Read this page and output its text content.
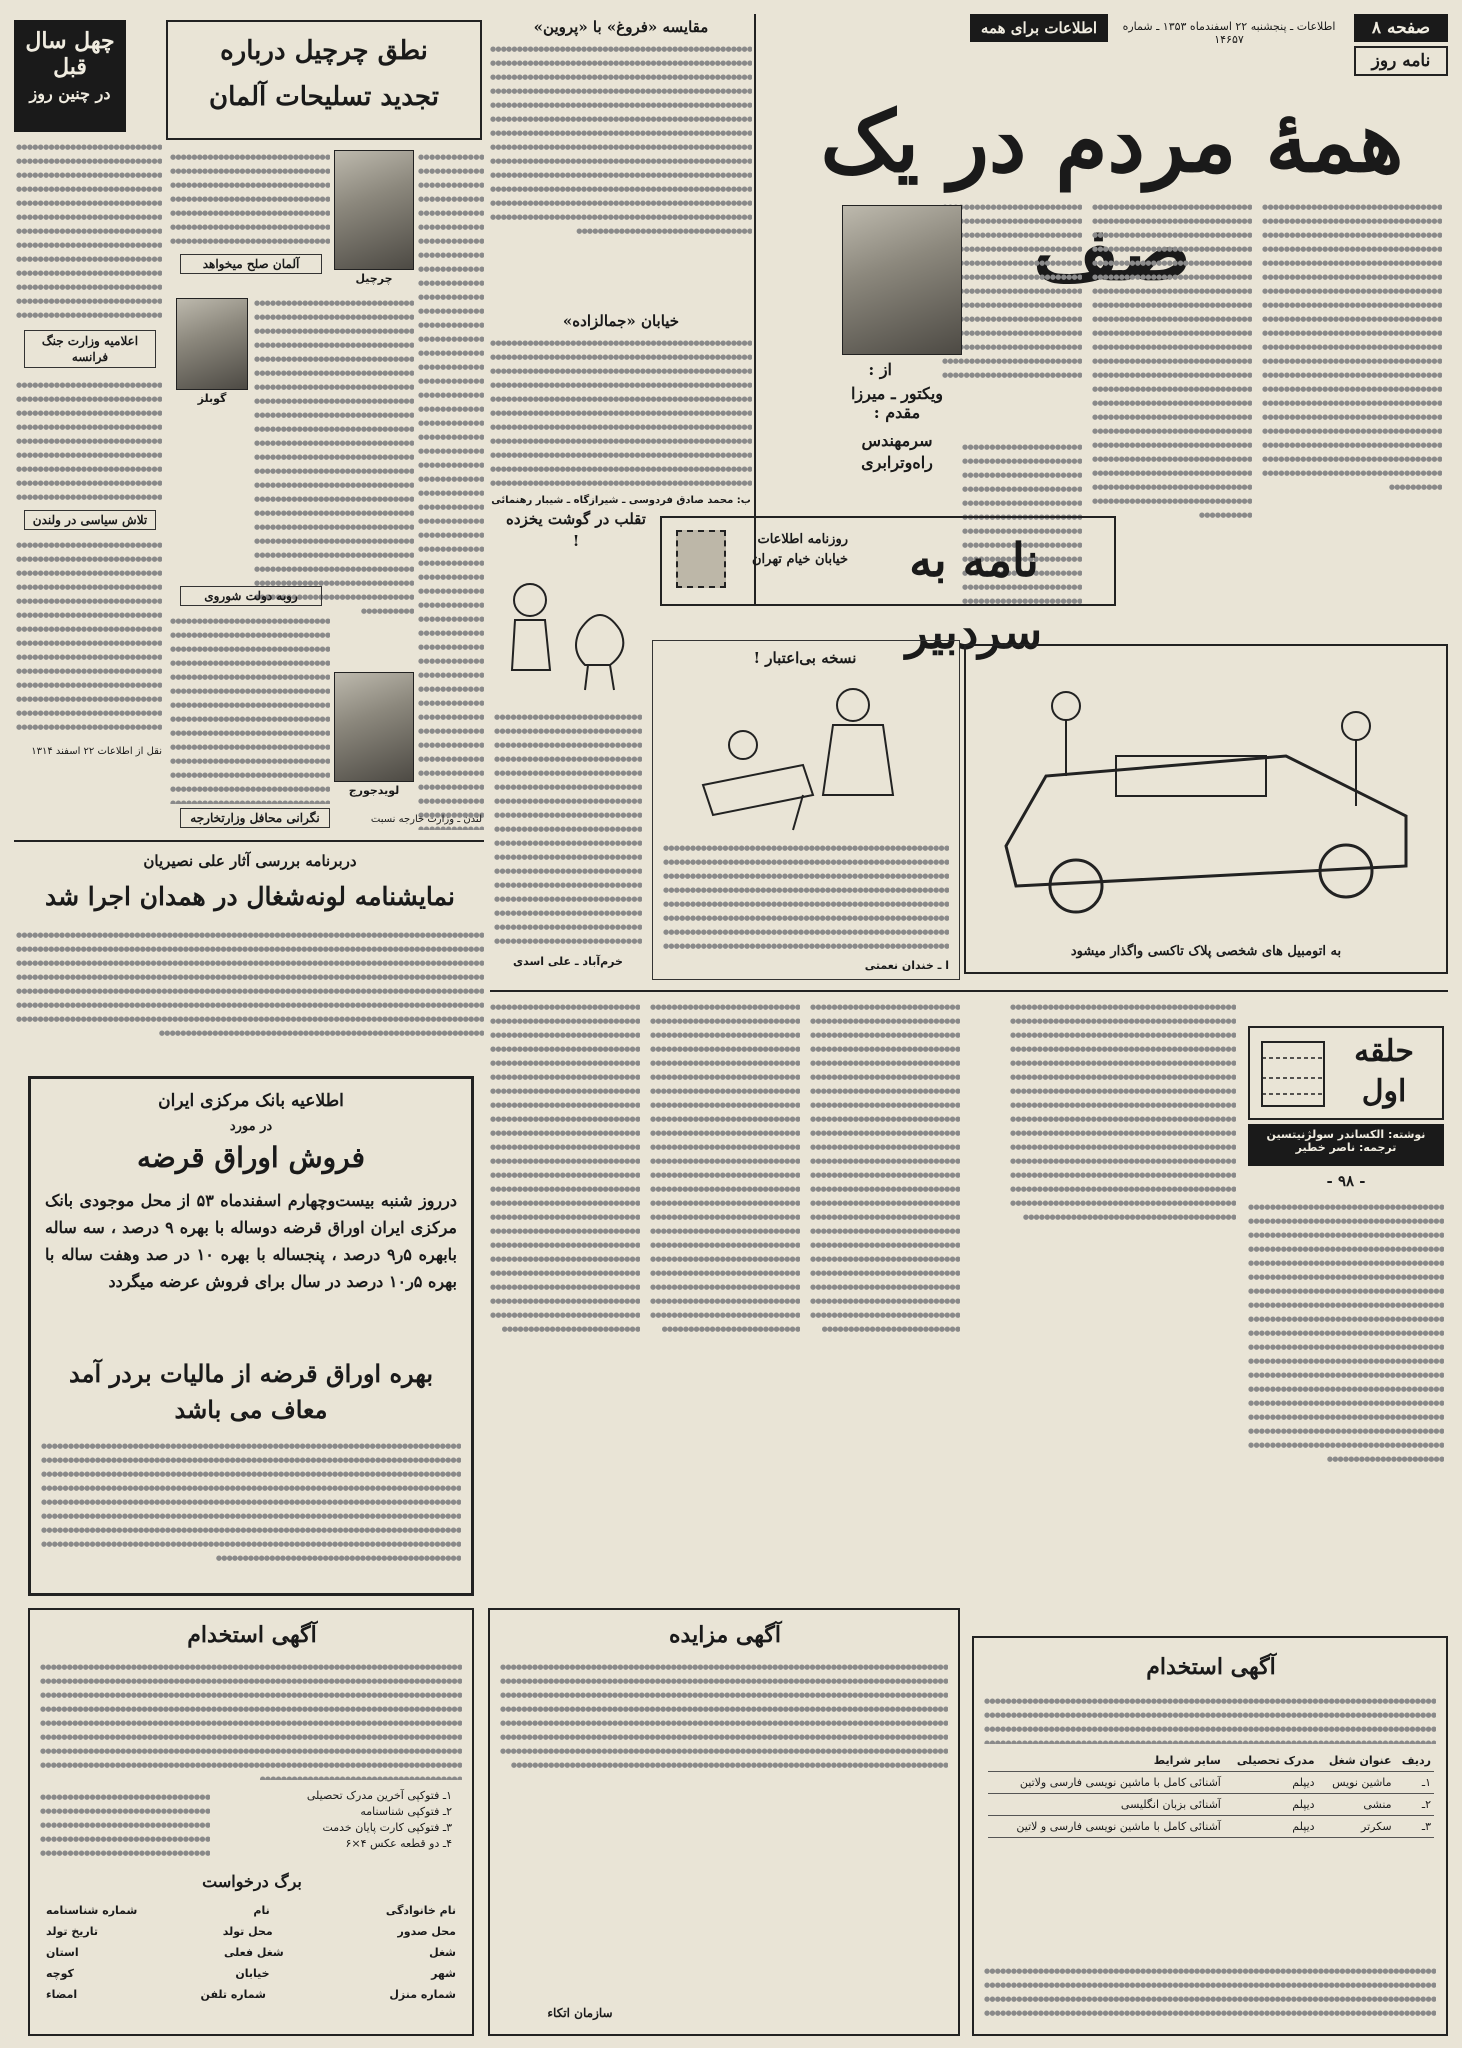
صفحه ۸
اطلاعات ـ پنجشنبه ۲۲ اسفندماه ۱۳۵۳ ـ شماره ۱۴۶۵۷
اطلاعات برای همه
نامه روز
همهٔ مردم در یک صف
● ● ● ● ● ● ● ● ● ● ● ● ● ● ● ● ● ● ● ● ● ● ● ● ● ● ● ● ● ● ● ● ● ● ● ● ● ● ● ● ● ● ● ● ● ● ● ● ● ● ● ● ● ● ● ● ● ● ● ● ● ● ● ● ● ● ● ● ● ● ● ● ● ● ● ● ● ● ● ● ● ● ● ● ● ● ● ● ● ● ● ● ● ● ● ● ● ● ● ● ● ● ● ● ● ● ● ● ● ● ● ● ● ● ● ● ● ● ● ● ● ● ● ● ● ● ● ● ● ● ● ● ● ● ● ● ● ● ● ● ● ● ● ● ● ● ● ● ● ● ● ● ● ● ● ● ● ● ● ● ● ● ● ● ● ● ● ● ● ● ● ● ● ● ● ● ● ● ● ● ● ● ● ● ● ● ● ● ● ● ● ● ● ● ● ● ● ● ● ● ● ● ● ● ● ● ● ● ● ● ● ● ● ● ● ● ● ● ● ● ● ● ● ● ● ● ● ● ● ● ● ● ● ● ● ● ● ● ● ● ● ● ● ● ● ● ● ● ● ● ● ● ● ● ● ● ● ● ● ● ● ● ● ● ● ● ● ● ● ● ● ● ● ● ● ● ● ● ● ● ● ● ● ● ● ● ● ● ● ● ● ● ● ● ● ● ● ● ● ● ● ● ● ● ● ● ● ● ● ● ● ● ● ● ● ● ● ● ● ● ● ● ● ● ● ● ● ● ● ● ● ● ● ● ● ● ● ● ● ● ● ● ● ● ● ● ● ● ● ● ● ● ● ● ● ● ● ● ● ● ● ● ● ● ● ● ● ● ● ● ● ● ● ● ● ● ● ● ● ● ● ● ● ● ● ● ● ● ● ● ● ● ● ● ● ● ● ● ● ● ● ● ● ● ● ● ● ● ● ● ● ● ● ● ● ● ● ● ● ● ● ● ● ● ● ● ● ● ● ● ● ● ● ● ● ● ● ● ● ● ● ● ● ● ● ● ● ● ● ● ● ● ● ● ● ● ● ● ● ● ● ● ● ● ● ● ● ● ● ● ● ● ● ● ● ● ● ● ● ● ● ● ● ● ● ● ● ● ● ● ● ● ● ● ● ● ● ● ● ● ● ● ● ● ● ● ● ● ● ● ● ● ● ● ● ● ● ● ● ● ● ● ● ● ● ● ● ● ● ● ● ● ● ● ● ● ● ● ● ● ● ● ● ● ● ● ● ● ● ● ● ● ● ● ● ● ● ● ● ● ● ● ● ● ● ● ● ● ● ● ● ● ● ● ● ● ● ● ● ● ● ● ● ● ● ● ● ● ● ● ● ● ● ● ● ● ● ● ● ● ● ● ● ● ● ● ● ● ● ● ● ● ● ● ● ● ● ● ● ● ● ● ● ● ● ● ● ● ● ● ● ● ● ● ● ● ● ● ● ● ● ● ● ● ● ● ● ● ● ● ● ● ● ● ● ● ● ● ● ● ● ● ● ● ● ● ● ● ● ●
● ● ● ● ● ● ● ● ● ● ● ● ● ● ● ● ● ● ● ● ● ● ● ● ● ● ● ● ● ● ● ● ● ● ● ● ● ● ● ● ● ● ● ● ● ● ● ● ● ● ● ● ● ● ● ● ● ● ● ● ● ● ● ● ● ● ● ● ● ● ● ● ● ● ● ● ● ● ● ● ● ● ● ● ● ● ● ● ● ● ● ● ● ● ● ● ● ● ● ● ● ● ● ● ● ● ● ● ● ● ● ● ● ● ● ● ● ● ● ● ● ● ● ● ● ● ● ● ● ● ● ● ● ● ● ● ● ● ● ● ● ● ● ● ● ● ● ● ● ● ● ● ● ● ● ● ● ● ● ● ● ● ● ● ● ● ● ● ● ● ● ● ● ● ● ● ● ● ● ● ● ● ● ● ● ● ● ● ● ● ● ● ● ● ● ● ● ● ● ● ● ● ● ● ● ● ● ● ● ● ● ● ● ● ● ● ● ● ● ● ● ● ● ● ● ● ● ● ● ● ● ● ● ● ● ● ● ● ● ● ● ● ● ● ● ● ● ● ● ● ● ● ● ● ● ● ● ● ● ● ● ● ● ● ● ● ● ● ● ● ● ● ● ● ● ● ● ● ● ● ● ● ● ● ● ● ● ● ● ● ● ● ● ● ● ● ● ● ● ● ● ● ● ● ● ● ● ● ● ● ● ● ● ● ● ● ● ● ● ● ● ● ● ● ● ● ● ● ● ● ● ● ● ● ● ● ● ● ● ● ● ● ● ● ● ● ● ● ● ● ● ● ● ● ● ● ● ● ● ● ● ● ● ● ● ● ● ● ● ● ● ● ● ● ● ● ● ● ● ● ● ● ● ● ● ● ● ● ● ● ● ● ● ● ● ● ● ● ● ● ● ● ● ● ● ● ● ● ● ● ● ● ● ● ● ● ● ● ● ● ● ● ● ● ● ● ● ● ● ● ● ● ● ● ● ● ● ● ● ● ● ● ● ● ● ● ● ● ● ● ● ● ● ● ● ● ● ● ● ● ● ● ● ● ● ● ● ● ● ● ● ● ● ● ● ● ● ● ● ● ● ● ● ● ● ● ● ● ● ● ● ● ● ● ● ● ● ● ● ● ● ● ● ● ● ● ● ● ● ● ● ● ● ● ● ● ● ● ● ● ● ● ● ● ● ● ● ● ● ● ● ● ● ● ● ● ● ● ● ● ● ● ● ● ● ● ● ● ● ● ● ● ● ● ● ● ● ● ● ● ● ● ● ● ● ● ● ● ● ● ● ● ● ● ● ● ● ● ● ● ● ● ● ● ● ● ● ● ● ● ● ● ● ● ● ● ● ● ● ● ● ● ● ● ● ● ● ● ● ● ● ● ● ● ● ● ● ● ● ● ● ● ● ● ● ● ● ● ● ● ● ● ● ● ● ● ● ● ● ● ● ● ● ● ● ● ● ● ● ● ● ● ● ● ● ● ● ● ● ● ● ● ● ● ● ● ● ● ● ●
● ● ● ● ● ● ● ● ● ● ● ● ● ● ● ● ● ● ● ● ● ● ● ● ● ● ● ● ● ● ● ● ● ● ● ● ● ● ● ● ● ● ● ● ● ● ● ● ● ● ● ● ● ● ● ● ● ● ● ● ● ● ● ● ● ● ● ● ● ● ● ● ● ● ● ● ● ● ● ● ● ● ● ● ● ● ● ● ● ● ● ● ● ● ● ● ● ● ● ● ● ● ● ● ● ● ● ● ● ● ● ● ● ● ● ● ● ● ● ● ● ● ● ● ● ● ● ● ● ● ● ● ● ● ● ● ● ● ● ● ● ● ● ● ● ● ● ● ● ● ● ● ● ● ● ● ● ● ● ● ● ● ● ● ● ● ● ● ● ● ● ● ● ● ● ● ● ● ● ● ● ● ● ● ● ● ● ● ● ● ● ● ● ● ● ● ● ● ● ● ● ● ● ● ● ● ● ● ● ● ● ● ● ● ● ● ● ● ● ● ● ● ● ● ● ● ● ● ● ● ● ● ● ● ● ● ● ● ● ● ● ● ● ● ● ● ● ● ● ● ● ● ● ● ● ● ● ● ● ● ● ● ● ● ● ● ● ● ● ● ● ● ● ● ● ● ● ● ● ● ● ● ● ● ● ● ● ● ● ● ● ● ● ● ● ● ● ● ● ● ● ● ● ● ● ● ● ● ● ● ● ● ● ● ● ● ● ● ● ● ● ● ● ● ● ● ● ● ● ● ● ● ● ● ● ● ● ● ● ● ● ● ● ● ● ● ● ● ● ● ● ● ● ● ● ● ● ● ● ● ● ● ● ● ● ● ● ● ● ● ● ● ● ● ● ● ● ● ● ● ● ● ● ● ● ● ● ● ● ● ● ● ● ● ● ● ● ● ● ● ● ● ● ● ● ● ● ● ● ● ● ● ● ● ● ● ● ● ● ● ● ● ● ● ● ● ● ● ● ● ● ● ● ● ● ● ● ● ● ● ● ● ● ● ● ● ● ● ● ● ● ● ● ● ● ● ● ● ● ● ● ● ● ● ● ● ● ● ● ● ● ● ● ● ● ● ● ● ● ● ● ● ● ● ● ● ● ● ● ● ● ● ● ● ● ● ● ● ● ● ● ● ● ● ● ● ● ● ● ● ● ● ● ● ● ● ● ● ● ● ● ● ● ● ● ● ● ● ● ● ● ● ● ● ● ● ● ● ● ● ● ● ● ● ● ● ● ● ● ● ● ● ● ● ● ● ● ● ● ● ● ● ● ● ● ● ● ● ● ● ● ● ● ● ● ● ● ● ● ● ● ● ● ● ● ● ● ● ● ● ● ● ● ● ● ● ● ● ● ● ● ● ● ● ● ● ● ● ● ● ● ● ● ● ● ● ● ● ● ● ● ● ● ● ● ● ● ● ● ● ● ● ● ● ● ● ● ● ● ● ● ● ● ● ● ● ● ● ● ● ● ● ● ● ● ● ● ● ● ● ● ● ● ● ● ● ● ● ● ●
از :
ویکتور ـ میرزا مقدم :
سرمهندس راه‌وترابری
● ● ● ● ● ● ● ● ● ● ● ● ● ● ● ● ● ● ● ● ● ● ● ● ● ● ● ● ● ● ● ● ● ● ● ● ● ● ● ● ● ● ● ● ● ● ● ● ● ● ● ● ● ● ● ● ● ● ● ● ● ● ● ● ● ● ● ● ● ● ● ● ● ● ● ● ● ● ● ● ● ● ● ● ● ● ● ● ● ● ● ● ● ● ● ● ● ● ● ● ● ● ● ● ● ● ● ● ● ● ● ● ● ● ● ● ● ● ● ● ● ● ● ● ● ● ● ● ● ● ● ● ● ● ● ● ● ● ● ● ● ● ● ● ● ● ● ● ● ● ● ● ● ● ● ● ● ● ● ● ● ● ● ● ● ● ● ● ● ● ● ● ● ● ● ● ● ● ● ● ● ● ● ● ● ● ● ● ● ● ● ● ● ● ● ● ● ● ● ● ● ● ● ● ● ● ● ● ● ● ● ● ● ● ● ● ● ● ● ● ● ● ● ● ● ● ● ● ● ● ● ● ● ● ● ● ● ● ● ● ● ● ● ● ● ● ● ● ● ● ● ● ● ● ● ● ● ● ● ● ● ● ● ● ● ● ● ● ● ● ● ● ● ● ● ● ● ● ● ● ● ● ● ● ● ● ● ● ● ● ● ● ● ● ● ● ● ● ● ● ● ● ● ● ● ● ● ● ● ● ● ● ● ● ● ● ● ● ● ● ● ● ● ● ● ● ● ● ● ● ● ● ● ● ● ● ● ● ● ● ● ● ● ● ● ● ● ● ● ● ● ● ● ● ● ● ● ● ● ● ● ● ● ● ● ● ● ● ● ● ● ● ● ● ● ● ● ● ● ● ● ● ● ● ● ● ● ● ● ● ● ● ● ● ● ● ● ● ● ● ● ● ● ● ● ● ● ● ● ● ● ● ● ● ● ● ● ● ● ● ● ● ● ● ● ● ● ● ● ● ● ● ● ● ● ● ● ● ● ● ● ● ● ● ● ● ● ● ● ● ● ● ● ● ● ● ● ● ● ● ● ● ● ● ● ● ● ● ● ● ● ● ● ● ● ● ● ● ● ● ● ● ● ● ● ● ● ● ● ● ● ● ● ● ● ● ● ● ● ● ● ● ● ● ● ● ● ● ● ● ● ● ● ● ● ● ● ● ● ● ● ● ● ● ● ● ● ● ● ● ● ● ● ● ● ● ● ● ● ● ● ● ● ● ● ● ● ● ● ● ● ● ● ● ● ● ● ● ● ● ● ● ● ● ● ● ● ● ● ● ● ● ● ● ● ● ● ● ● ● ● ● ● ● ● ● ● ● ● ● ● ● ● ● ● ● ● ● ● ● ● ● ● ● ● ● ● ● ● ● ● ● ● ● ● ● ● ● ● ● ● ● ● ● ● ● ● ● ● ● ● ● ● ● ● ● ● ● ● ● ● ● ● ● ● ● ● ● ● ● ● ● ● ● ● ● ● ● ● ● ● ● ● ● ● ● ● ● ● ●
مقایسه «فروغ» با «پروین»
● ● ● ● ● ● ● ● ● ● ● ● ● ● ● ● ● ● ● ● ● ● ● ● ● ● ● ● ● ● ● ● ● ● ● ● ● ● ● ● ● ● ● ● ● ● ● ● ● ● ● ● ● ● ● ● ● ● ● ● ● ● ● ● ● ● ● ● ● ● ● ● ● ● ● ● ● ● ● ● ● ● ● ● ● ● ● ● ● ● ● ● ● ● ● ● ● ● ● ● ● ● ● ● ● ● ● ● ● ● ● ● ● ● ● ● ● ● ● ● ● ● ● ● ● ● ● ● ● ● ● ● ● ● ● ● ● ● ● ● ● ● ● ● ● ● ● ● ● ● ● ● ● ● ● ● ● ● ● ● ● ● ● ● ● ● ● ● ● ● ● ● ● ● ● ● ● ● ● ● ● ● ● ● ● ● ● ● ● ● ● ● ● ● ● ● ● ● ● ● ● ● ● ● ● ● ● ● ● ● ● ● ● ● ● ● ● ● ● ● ● ● ● ● ● ● ● ● ● ● ● ● ● ● ● ● ● ● ● ● ● ● ● ● ● ● ● ● ● ● ● ● ● ● ● ● ● ● ● ● ● ● ● ● ● ● ● ● ● ● ● ● ● ● ● ● ● ● ● ● ● ● ● ● ● ● ● ● ● ● ● ● ● ● ● ● ● ● ● ● ● ● ● ● ● ● ● ● ● ● ● ● ● ● ● ● ● ● ● ● ● ● ● ● ● ● ● ● ● ● ● ● ● ● ● ● ● ● ● ● ● ● ● ● ● ● ● ● ● ● ● ● ● ● ● ● ● ● ● ● ● ● ● ● ● ● ● ● ● ● ● ● ● ● ● ● ● ● ● ● ● ● ● ● ● ● ● ● ● ● ● ● ● ● ● ● ● ● ● ● ● ● ● ● ● ● ● ● ● ● ● ● ● ● ● ● ● ● ● ● ● ● ● ● ● ● ● ● ● ● ● ● ● ● ● ● ● ● ● ● ● ● ● ● ● ● ● ● ● ● ● ● ● ● ● ● ● ● ● ● ● ● ● ● ● ● ● ● ● ● ● ● ● ● ● ● ● ● ● ● ● ● ● ● ● ● ● ● ● ● ● ● ● ● ● ● ● ● ● ● ● ● ● ● ● ● ● ● ● ● ● ● ● ● ● ● ● ● ● ● ● ● ● ● ● ● ● ● ● ● ● ● ● ● ● ● ● ● ● ● ● ● ● ● ● ● ● ● ● ● ● ● ● ● ● ● ● ● ● ● ● ● ● ● ● ● ● ● ● ● ● ● ● ● ● ● ● ● ● ● ● ● ● ● ● ● ● ● ● ● ● ● ● ● ● ● ● ● ● ● ● ● ● ● ● ● ● ● ● ● ● ● ● ● ● ● ● ● ● ● ● ● ● ● ● ● ● ● ● ● ● ● ● ● ● ● ● ● ● ● ● ● ● ● ● ● ● ● ● ● ● ● ● ● ● ● ● ● ● ● ● ● ● ● ● ● ● ● ● ●
خیابان «جمالزاده»
● ● ● ● ● ● ● ● ● ● ● ● ● ● ● ● ● ● ● ● ● ● ● ● ● ● ● ● ● ● ● ● ● ● ● ● ● ● ● ● ● ● ● ● ● ● ● ● ● ● ● ● ● ● ● ● ● ● ● ● ● ● ● ● ● ● ● ● ● ● ● ● ● ● ● ● ● ● ● ● ● ● ● ● ● ● ● ● ● ● ● ● ● ● ● ● ● ● ● ● ● ● ● ● ● ● ● ● ● ● ● ● ● ● ● ● ● ● ● ● ● ● ● ● ● ● ● ● ● ● ● ● ● ● ● ● ● ● ● ● ● ● ● ● ● ● ● ● ● ● ● ● ● ● ● ● ● ● ● ● ● ● ● ● ● ● ● ● ● ● ● ● ● ● ● ● ● ● ● ● ● ● ● ● ● ● ● ● ● ● ● ● ● ● ● ● ● ● ● ● ● ● ● ● ● ● ● ● ● ● ● ● ● ● ● ● ● ● ● ● ● ● ● ● ● ● ● ● ● ● ● ● ● ● ● ● ● ● ● ● ● ● ● ● ● ● ● ● ● ● ● ● ● ● ● ● ● ● ● ● ● ● ● ● ● ● ● ● ● ● ● ● ● ● ● ● ● ● ● ● ● ● ● ● ● ● ● ● ● ● ● ● ● ● ● ● ● ● ● ● ● ● ● ● ● ● ● ● ● ● ● ● ● ● ● ● ● ● ● ● ● ● ● ● ● ● ● ● ● ● ● ● ● ● ● ● ● ● ● ● ● ● ● ● ● ● ● ● ● ● ● ● ● ● ● ● ● ● ● ● ● ● ● ● ● ● ● ● ● ● ● ● ● ● ● ● ● ● ● ● ● ● ● ● ● ● ● ● ● ● ● ● ● ● ● ● ● ● ● ● ● ● ● ● ● ● ● ● ● ● ● ● ● ● ● ● ● ● ● ● ● ● ● ● ● ● ● ● ● ● ● ● ● ● ● ● ● ● ● ● ● ● ● ● ● ● ● ● ● ● ● ● ● ● ● ● ● ● ● ● ● ● ● ● ● ● ● ● ● ● ● ● ● ● ● ● ● ● ● ● ● ● ● ● ● ● ● ● ● ● ● ● ● ● ● ● ● ● ● ● ● ● ● ● ● ● ● ● ● ● ● ● ● ● ● ● ● ● ● ● ● ● ● ● ● ● ● ● ● ● ● ● ● ● ● ● ● ● ● ● ● ● ● ● ● ● ● ● ● ● ● ● ● ● ● ● ● ● ● ● ● ● ● ● ● ● ● ● ● ● ● ● ● ● ● ● ● ● ● ● ● ● ● ● ● ● ● ● ● ● ● ● ● ● ● ● ● ● ● ● ● ● ● ● ● ● ● ● ● ● ● ● ● ● ● ● ● ● ● ● ● ● ● ● ● ● ● ● ● ● ● ● ● ● ● ● ● ● ● ● ● ● ● ● ● ● ● ● ● ● ● ● ● ● ● ● ● ● ● ● ● ● ● ● ● ● ● ● ● ●
ب: محمد صادق فردوسی ـ شیرازگاه ـ شیبار رهنمائی
نامه به سردبیر
روزنامه اطلاعات خیابان خیام تهران
تقلب در گوشت یخزده !
● ● ● ● ● ● ● ● ● ● ● ● ● ● ● ● ● ● ● ● ● ● ● ● ● ● ● ● ● ● ● ● ● ● ● ● ● ● ● ● ● ● ● ● ● ● ● ● ● ● ● ● ● ● ● ● ● ● ● ● ● ● ● ● ● ● ● ● ● ● ● ● ● ● ● ● ● ● ● ● ● ● ● ● ● ● ● ● ● ● ● ● ● ● ● ● ● ● ● ● ● ● ● ● ● ● ● ● ● ● ● ● ● ● ● ● ● ● ● ● ● ● ● ● ● ● ● ● ● ● ● ● ● ● ● ● ● ● ● ● ● ● ● ● ● ● ● ● ● ● ● ● ● ● ● ● ● ● ● ● ● ● ● ● ● ● ● ● ● ● ● ● ● ● ● ● ● ● ● ● ● ● ● ● ● ● ● ● ● ● ● ● ● ● ● ● ● ● ● ● ● ● ● ● ● ● ● ● ● ● ● ● ● ● ● ● ● ● ● ● ● ● ● ● ● ● ● ● ● ● ● ● ● ● ● ● ● ● ● ● ● ● ● ● ● ● ● ● ● ● ● ● ● ● ● ● ● ● ● ● ● ● ● ● ● ● ● ● ● ● ● ● ● ● ● ● ● ● ● ● ● ● ● ● ● ● ● ● ● ● ● ● ● ● ● ● ● ● ● ● ● ● ● ● ● ● ● ● ● ● ● ● ● ● ● ● ● ● ● ● ● ● ● ● ● ● ● ● ● ● ● ● ● ● ● ● ● ● ● ● ● ● ● ● ● ● ● ● ● ● ● ● ● ● ● ● ● ● ● ● ● ● ● ● ● ● ● ● ● ● ● ● ● ● ● ● ● ● ● ● ● ● ● ● ● ● ● ● ● ● ● ● ● ● ● ● ● ● ● ● ● ● ● ● ● ● ● ● ● ● ● ● ● ● ● ● ● ● ● ● ● ● ● ● ● ● ● ● ● ● ● ● ● ● ● ● ● ● ● ● ● ● ● ● ● ● ● ● ● ● ● ● ● ● ● ● ● ● ● ● ● ● ● ● ● ● ● ● ● ● ● ● ● ● ● ● ● ● ● ● ● ● ● ● ● ● ● ● ● ● ● ● ● ● ● ● ● ● ● ● ● ● ● ● ● ● ● ● ● ● ● ● ● ● ● ● ● ● ● ● ● ● ● ● ● ● ● ● ● ● ● ● ● ● ● ● ● ● ● ● ● ● ● ● ● ● ● ● ● ● ● ● ● ● ● ● ● ● ● ● ● ● ● ● ● ● ● ● ● ● ● ● ● ● ● ● ● ● ● ● ● ● ● ● ● ● ● ● ● ● ● ● ● ● ● ● ● ● ● ● ● ● ● ● ● ● ● ● ● ● ● ● ● ● ● ● ● ● ● ● ● ● ● ● ● ● ● ● ● ● ● ● ● ● ● ● ● ● ● ● ● ● ● ● ● ● ● ● ● ● ● ● ● ● ● ● ● ● ● ● ● ● ● ● ● ● ● ● ● ●
خرم‌آباد ـ علی اسدی
نسخه بی‌اعتبار !
● ● ● ● ● ● ● ● ● ● ● ● ● ● ● ● ● ● ● ● ● ● ● ● ● ● ● ● ● ● ● ● ● ● ● ● ● ● ● ● ● ● ● ● ● ● ● ● ● ● ● ● ● ● ● ● ● ● ● ● ● ● ● ● ● ● ● ● ● ● ● ● ● ● ● ● ● ● ● ● ● ● ● ● ● ● ● ● ● ● ● ● ● ● ● ● ● ● ● ● ● ● ● ● ● ● ● ● ● ● ● ● ● ● ● ● ● ● ● ● ● ● ● ● ● ● ● ● ● ● ● ● ● ● ● ● ● ● ● ● ● ● ● ● ● ● ● ● ● ● ● ● ● ● ● ● ● ● ● ● ● ● ● ● ● ● ● ● ● ● ● ● ● ● ● ● ● ● ● ● ● ● ● ● ● ● ● ● ● ● ● ● ● ● ● ● ● ● ● ● ● ● ● ● ● ● ● ● ● ● ● ● ● ● ● ● ● ● ● ● ● ● ● ● ● ● ● ● ● ● ● ● ● ● ● ● ● ● ● ● ● ● ● ● ● ● ● ● ● ● ● ● ● ● ● ● ● ● ● ● ● ● ● ● ● ● ● ● ● ● ● ● ● ● ● ● ● ● ● ● ● ● ● ● ● ● ● ● ● ● ● ● ● ● ● ● ● ● ● ● ● ● ● ● ● ● ● ● ● ● ● ● ● ● ● ● ● ● ● ● ● ● ● ● ● ● ● ● ● ● ● ● ● ● ● ● ● ● ● ● ● ● ● ● ● ● ● ● ● ● ● ● ● ● ● ● ● ● ● ● ● ● ● ● ● ● ● ● ● ● ● ● ● ● ● ● ● ● ● ● ● ● ● ● ● ● ● ● ● ● ● ● ● ● ● ● ● ● ● ● ● ● ● ● ● ● ● ● ● ● ● ● ● ● ● ● ● ● ● ● ● ● ● ● ● ● ● ● ● ● ● ● ● ● ● ● ● ● ● ● ● ● ● ● ● ● ● ● ● ● ● ● ● ● ● ● ● ● ● ● ● ● ● ● ● ● ● ● ● ● ● ● ● ● ● ● ● ● ● ● ● ● ● ● ● ● ● ● ● ● ● ● ● ● ● ● ● ● ● ● ● ● ● ● ● ● ● ● ● ● ● ● ● ● ● ● ● ● ● ● ● ● ● ● ● ● ● ● ● ● ● ● ● ● ● ● ● ● ● ● ● ● ● ● ● ● ● ● ● ● ● ● ● ● ● ● ● ● ● ● ● ● ● ● ● ● ● ● ● ● ● ● ● ● ● ● ● ● ● ● ● ● ● ● ● ● ● ● ● ● ● ● ● ● ● ● ● ● ● ● ● ● ● ● ● ● ● ● ● ● ● ● ● ● ● ● ● ● ● ● ● ● ● ● ● ● ● ● ● ● ● ● ● ● ● ● ● ● ● ● ● ● ● ● ● ● ● ● ● ● ● ● ● ● ● ● ● ● ● ● ● ● ● ● ● ● ● ● ● ●
ا ـ خندان نعمتی
به اتومبیل های شخصی پلاک تاکسی واگذار میشود
نطق چرچیل درباره
تجدید تسلیحات آلمان
چرچیل
● ● ● ● ● ● ● ● ● ● ● ● ● ● ● ● ● ● ● ● ● ● ● ● ● ● ● ● ● ● ● ● ● ● ● ● ● ● ● ● ● ● ● ● ● ● ● ● ● ● ● ● ● ● ● ● ● ● ● ● ● ● ● ● ● ● ● ● ● ● ● ● ● ● ● ● ● ● ● ● ● ● ● ● ● ● ● ● ● ● ● ● ● ● ● ● ● ● ● ● ● ● ● ● ● ● ● ● ● ● ● ● ● ● ● ● ● ● ● ● ● ● ● ● ● ● ● ● ● ● ● ● ● ● ● ● ● ● ● ● ● ● ● ● ● ● ● ● ● ● ● ● ● ● ● ● ● ● ● ● ● ● ● ● ● ● ● ● ● ● ● ● ● ● ● ● ● ● ● ● ● ● ● ● ● ● ● ● ● ● ● ● ● ● ● ● ● ● ● ● ● ● ● ● ● ● ● ● ● ● ● ● ● ● ● ● ● ● ● ● ● ● ● ● ● ● ● ● ● ● ● ● ● ● ● ● ● ● ● ● ● ● ● ● ● ● ● ● ● ● ● ● ● ● ● ● ● ● ● ● ● ● ● ● ● ● ● ● ● ● ● ● ● ● ● ● ● ● ● ● ● ● ● ● ● ● ● ● ● ● ● ● ● ● ● ● ● ● ● ● ● ● ● ● ● ● ● ● ● ● ● ● ● ● ● ● ● ● ● ● ● ● ● ● ● ● ● ● ● ● ● ● ● ● ● ● ● ● ● ● ● ● ● ● ● ● ● ● ● ● ● ● ● ● ● ● ● ● ● ● ● ● ● ● ● ● ● ● ● ● ● ● ● ● ● ● ● ● ● ● ● ● ● ● ● ● ● ● ● ● ● ● ● ● ● ● ● ● ● ● ● ● ● ● ● ● ● ● ● ● ● ● ● ● ● ● ● ● ● ● ● ● ● ● ● ● ● ● ● ● ● ● ● ● ● ● ● ● ● ● ● ● ● ● ● ● ● ● ● ● ● ● ● ● ● ● ● ● ● ● ● ● ● ● ● ● ● ● ● ● ● ● ● ● ● ● ● ● ● ● ● ● ● ● ● ● ● ● ● ● ● ● ● ● ● ● ● ● ● ● ● ● ● ● ● ● ● ● ● ● ● ● ● ● ● ● ● ● ● ● ● ● ● ● ● ● ● ● ● ● ● ● ● ● ● ● ● ● ● ● ● ● ● ● ● ● ● ● ● ● ● ● ● ● ● ● ● ● ● ● ● ● ● ● ● ● ● ● ● ● ● ● ● ● ● ● ● ● ● ● ● ● ● ● ● ● ● ● ● ● ● ● ● ● ● ● ● ● ● ● ● ● ● ● ● ● ● ● ● ● ● ● ● ● ● ● ● ● ● ● ● ● ● ● ● ● ● ● ● ● ● ● ● ● ● ● ● ● ● ● ● ● ● ● ● ● ● ● ● ● ● ● ● ● ● ● ● ● ● ● ● ● ● ● ● ● ● ● ● ●
● ● ● ● ● ● ● ● ● ● ● ● ● ● ● ● ● ● ● ● ● ● ● ● ● ● ● ● ● ● ● ● ● ● ● ● ● ● ● ● ● ● ● ● ● ● ● ● ● ● ● ● ● ● ● ● ● ● ● ● ● ● ● ● ● ● ● ● ● ● ● ● ● ● ● ● ● ● ● ● ● ● ● ● ● ● ● ● ● ● ● ● ● ● ● ● ● ● ● ● ● ● ● ● ● ● ● ● ● ● ● ● ● ● ● ● ● ● ● ● ● ● ● ● ● ● ● ● ● ● ● ● ● ● ● ● ● ● ● ● ● ● ● ● ● ● ● ● ● ● ● ● ● ● ● ● ● ● ● ● ● ● ● ● ● ● ● ● ● ● ● ● ● ● ● ● ● ● ● ● ● ● ● ● ● ● ● ● ● ● ● ● ● ● ● ● ● ● ● ● ● ● ● ● ● ● ● ● ● ● ● ● ● ● ● ● ● ● ● ● ● ● ● ● ● ● ● ● ● ● ● ● ● ● ● ● ● ● ● ● ● ● ● ● ● ● ● ● ● ● ● ● ● ● ● ● ● ● ● ● ● ● ● ● ● ● ● ● ● ● ● ● ● ● ● ● ● ● ● ● ● ● ● ● ● ● ● ● ● ● ● ● ● ● ● ● ● ● ● ● ● ● ● ● ● ● ● ● ● ● ● ● ● ● ● ● ● ● ● ● ● ● ● ● ● ● ● ● ● ● ● ● ● ● ● ● ● ● ● ● ● ● ● ● ● ● ● ● ● ● ● ● ● ● ● ● ● ● ● ● ● ● ● ● ● ● ● ● ● ● ● ● ● ● ● ● ● ● ● ● ● ● ● ● ● ● ● ● ● ● ● ● ● ● ● ● ● ● ● ● ● ● ● ● ● ● ● ● ● ● ● ● ● ● ● ● ● ● ● ● ● ● ● ● ● ● ● ● ● ● ● ● ● ● ● ● ● ● ● ● ● ● ● ● ● ● ● ● ● ● ● ● ● ● ● ● ● ● ● ● ● ● ● ● ● ● ● ● ● ● ● ● ● ● ● ● ● ● ● ● ● ● ● ● ● ● ● ● ● ● ● ● ● ● ● ● ● ● ● ● ● ● ● ● ● ● ● ● ● ● ● ● ● ● ● ● ● ● ● ● ● ● ● ● ● ● ● ● ● ● ● ● ● ● ● ● ● ● ● ● ● ● ● ● ● ● ● ● ● ● ● ● ● ● ● ● ● ● ● ● ● ● ● ● ● ● ● ● ● ● ● ● ● ● ● ● ● ● ● ● ● ● ● ● ● ● ● ● ● ● ● ● ● ● ● ● ● ● ● ● ● ● ● ● ● ● ● ● ● ● ● ● ● ● ● ● ● ● ● ● ● ● ● ● ● ● ● ● ● ● ● ● ● ● ● ● ● ● ● ● ● ● ● ● ● ● ● ● ● ● ● ● ● ● ● ● ● ● ● ● ● ● ● ● ● ● ● ● ● ●
● ● ● ● ● ● ● ● ● ● ● ● ● ● ● ● ● ● ● ● ● ● ● ● ● ● ● ● ● ● ● ● ● ● ● ● ● ● ● ● ● ● ● ● ● ● ● ● ● ● ● ● ● ● ● ● ● ● ● ● ● ● ● ● ● ● ● ● ● ● ● ● ● ● ● ● ● ● ● ● ● ● ● ● ● ● ● ● ● ● ● ● ● ● ● ● ● ● ● ● ● ● ● ● ● ● ● ● ● ● ● ● ● ● ● ● ● ● ● ● ● ● ● ● ● ● ● ● ● ● ● ● ● ● ● ● ● ● ● ● ● ● ● ● ● ● ● ● ● ● ● ● ● ● ● ● ● ● ● ● ● ● ● ● ● ● ● ● ● ● ● ● ● ● ● ● ● ● ● ● ● ● ● ● ● ● ● ● ● ● ● ● ● ● ● ● ● ● ● ● ● ● ● ● ● ● ● ● ● ● ● ● ● ● ● ● ● ● ● ● ● ● ● ● ● ● ● ● ● ● ● ● ● ● ● ● ● ● ● ● ● ● ● ● ● ● ● ● ● ● ● ● ● ● ● ● ● ● ● ● ● ● ● ● ● ● ● ● ● ● ● ● ● ● ● ● ● ● ● ● ● ● ● ● ● ● ● ● ● ● ● ● ● ● ● ● ● ● ● ● ● ● ● ● ● ● ● ● ● ● ● ● ● ● ● ● ● ● ● ● ● ● ● ● ● ● ● ● ● ● ● ● ● ● ● ● ● ● ● ● ● ● ● ● ● ● ● ● ● ● ● ● ● ● ● ● ● ● ● ● ● ● ● ● ● ● ● ● ● ● ● ● ● ● ● ● ● ● ● ● ● ● ● ● ● ● ● ● ● ● ● ● ● ● ● ● ● ● ● ● ● ● ● ● ● ● ● ● ● ● ● ● ● ● ● ● ● ● ● ● ● ● ● ● ● ● ● ● ● ● ● ● ● ● ● ● ● ● ● ● ● ● ● ● ● ● ● ● ● ● ● ● ● ● ● ● ● ● ● ● ● ● ● ● ● ● ● ● ● ● ● ● ● ● ● ● ● ● ● ● ● ● ● ● ● ● ● ● ● ● ● ● ● ● ● ● ● ● ● ● ● ● ● ● ● ● ● ● ● ● ● ● ● ● ● ● ● ● ● ● ● ● ● ● ● ● ● ● ● ● ● ● ● ● ● ● ● ● ● ● ● ● ● ● ● ● ● ● ● ● ● ● ● ● ● ● ● ● ● ● ● ● ● ● ● ● ● ● ● ● ● ● ● ● ● ● ● ● ● ● ● ● ● ● ● ● ● ● ● ● ● ● ● ● ● ● ● ● ● ● ● ● ● ● ● ● ● ● ● ● ● ● ● ● ● ● ● ● ● ● ● ● ● ● ● ● ● ● ● ● ● ● ● ● ● ● ● ● ● ● ● ● ● ● ● ● ● ● ● ● ● ● ● ● ● ● ● ● ● ● ● ● ● ● ● ● ● ● ● ●
آلمان صلح میخواهد
روبه دولت شوروی
● ● ● ● ● ● ● ● ● ● ● ● ● ● ● ● ● ● ● ● ● ● ● ● ● ● ● ● ● ● ● ● ● ● ● ● ● ● ● ● ● ● ● ● ● ● ● ● ● ● ● ● ● ● ● ● ● ● ● ● ● ● ● ● ● ● ● ● ● ● ● ● ● ● ● ● ● ● ● ● ● ● ● ● ● ● ● ● ● ● ● ● ● ● ● ● ● ● ● ● ● ● ● ● ● ● ● ● ● ● ● ● ● ● ● ● ● ● ● ● ● ● ● ● ● ● ● ● ● ● ● ● ● ● ● ● ● ● ● ● ● ● ● ● ● ● ● ● ● ● ● ● ● ● ● ● ● ● ● ● ● ● ● ● ● ● ● ● ● ● ● ● ● ● ● ● ● ● ● ● ● ● ● ● ● ● ● ● ● ● ● ● ● ● ● ● ● ● ● ● ● ● ● ● ● ● ● ● ● ● ● ● ● ● ● ● ● ● ● ● ● ● ● ● ● ● ● ● ● ● ● ● ● ● ● ● ● ● ● ● ● ● ● ● ● ● ● ● ● ● ● ● ● ● ● ● ● ● ● ● ● ● ● ● ● ● ● ● ● ● ● ● ● ● ● ● ● ● ● ● ● ● ● ● ● ● ● ● ● ● ● ● ● ● ● ● ● ● ● ● ● ● ● ● ● ● ● ● ● ● ● ● ● ● ● ● ● ● ● ● ● ● ● ● ● ● ● ● ● ● ● ● ● ● ● ● ● ● ● ● ● ● ● ● ● ● ● ● ● ● ● ● ● ● ● ● ● ● ● ● ● ● ● ● ● ● ● ● ● ● ● ● ● ● ● ● ● ● ● ● ● ● ● ● ● ● ● ● ● ● ● ● ● ● ● ● ● ● ● ● ● ● ● ● ● ● ● ● ● ● ● ● ● ● ● ● ● ● ● ● ● ● ● ● ● ● ● ● ● ● ● ● ● ● ● ● ● ● ● ● ● ● ● ● ● ● ● ● ● ● ● ● ● ● ● ● ● ● ● ● ● ● ● ● ● ● ● ● ● ● ● ● ● ● ● ● ● ● ● ● ● ● ● ● ● ● ● ● ● ● ● ● ● ● ● ● ● ● ● ● ● ● ● ● ● ● ● ● ● ● ● ● ● ● ● ● ● ● ● ● ● ● ● ● ● ● ● ● ● ● ● ● ● ● ● ● ● ● ● ● ● ● ● ● ● ● ● ● ● ● ● ● ● ● ● ● ● ● ● ● ● ● ● ● ● ● ● ● ● ● ● ● ● ● ● ● ● ● ● ● ● ● ● ● ● ● ● ● ● ● ● ● ● ● ● ● ● ● ● ● ● ● ● ● ● ● ● ● ● ● ● ● ● ● ● ● ● ● ● ● ● ● ● ● ● ● ● ● ● ● ● ● ● ● ● ● ● ● ● ● ● ● ● ● ● ● ● ● ● ● ● ● ● ● ● ● ● ● ● ● ● ● ● ● ● ● ● ● ● ●
لویدجورج
نگرانی محافل وزارتخارجه	لندن ـ وزارت خارجه نسبت
چهل سال
قبل
در چنین روز
● ● ● ● ● ● ● ● ● ● ● ● ● ● ● ● ● ● ● ● ● ● ● ● ● ● ● ● ● ● ● ● ● ● ● ● ● ● ● ● ● ● ● ● ● ● ● ● ● ● ● ● ● ● ● ● ● ● ● ● ● ● ● ● ● ● ● ● ● ● ● ● ● ● ● ● ● ● ● ● ● ● ● ● ● ● ● ● ● ● ● ● ● ● ● ● ● ● ● ● ● ● ● ● ● ● ● ● ● ● ● ● ● ● ● ● ● ● ● ● ● ● ● ● ● ● ● ● ● ● ● ● ● ● ● ● ● ● ● ● ● ● ● ● ● ● ● ● ● ● ● ● ● ● ● ● ● ● ● ● ● ● ● ● ● ● ● ● ● ● ● ● ● ● ● ● ● ● ● ● ● ● ● ● ● ● ● ● ● ● ● ● ● ● ● ● ● ● ● ● ● ● ● ● ● ● ● ● ● ● ● ● ● ● ● ● ● ● ● ● ● ● ● ● ● ● ● ● ● ● ● ● ● ● ● ● ● ● ● ● ● ● ● ● ● ● ● ● ● ● ● ● ● ● ● ● ● ● ● ● ● ● ● ● ● ● ● ● ● ● ● ● ● ● ● ● ● ● ● ● ● ● ● ● ● ● ● ● ● ● ● ● ● ● ● ● ● ● ● ● ● ● ● ● ● ● ● ● ● ● ● ● ● ● ● ● ● ● ● ● ● ● ● ● ● ● ● ● ● ● ● ● ● ● ● ● ● ● ● ● ● ● ● ● ● ● ● ● ● ● ● ● ● ● ● ● ● ● ● ● ● ● ● ● ● ● ● ● ● ● ● ● ● ● ● ● ● ● ● ● ● ● ● ● ● ● ● ● ● ● ● ● ● ● ● ● ● ● ● ● ● ● ● ● ● ● ● ● ● ● ● ● ● ● ● ● ● ● ● ● ● ● ● ● ● ● ● ● ● ● ● ● ● ● ● ● ● ● ● ● ● ● ● ● ● ● ● ● ● ● ● ● ● ● ● ● ● ● ● ● ● ● ● ● ● ● ● ● ● ● ● ● ● ● ● ● ● ● ● ● ● ● ● ● ● ● ● ● ● ● ● ● ● ● ● ● ● ● ● ● ● ● ● ● ● ● ● ● ● ● ● ● ● ● ● ● ● ● ● ● ● ● ● ● ● ● ● ● ● ● ● ● ● ● ● ● ● ● ● ● ● ● ● ● ● ● ● ● ● ● ● ● ● ● ● ● ● ● ● ● ● ● ● ● ● ● ● ● ● ● ● ● ● ● ● ● ● ● ● ● ● ● ● ● ● ● ● ● ● ● ● ● ● ● ● ● ● ● ● ● ● ● ● ● ● ● ● ● ● ● ● ● ● ● ● ● ● ● ● ● ● ● ● ● ● ● ● ● ● ● ● ● ● ● ● ● ● ● ● ● ● ● ● ● ● ● ● ● ● ● ● ● ● ● ● ● ● ● ● ● ● ● ● ● ● ● ● ● ● ●
اعلامیه وزارت جنگ فرانسه
● ● ● ● ● ● ● ● ● ● ● ● ● ● ● ● ● ● ● ● ● ● ● ● ● ● ● ● ● ● ● ● ● ● ● ● ● ● ● ● ● ● ● ● ● ● ● ● ● ● ● ● ● ● ● ● ● ● ● ● ● ● ● ● ● ● ● ● ● ● ● ● ● ● ● ● ● ● ● ● ● ● ● ● ● ● ● ● ● ● ● ● ● ● ● ● ● ● ● ● ● ● ● ● ● ● ● ● ● ● ● ● ● ● ● ● ● ● ● ● ● ● ● ● ● ● ● ● ● ● ● ● ● ● ● ● ● ● ● ● ● ● ● ● ● ● ● ● ● ● ● ● ● ● ● ● ● ● ● ● ● ● ● ● ● ● ● ● ● ● ● ● ● ● ● ● ● ● ● ● ● ● ● ● ● ● ● ● ● ● ● ● ● ● ● ● ● ● ● ● ● ● ● ● ● ● ● ● ● ● ● ● ● ● ● ● ● ● ● ● ● ● ● ● ● ● ● ● ● ● ● ● ● ● ● ● ● ● ● ● ● ● ● ● ● ● ● ● ● ● ● ● ● ● ● ● ● ● ● ● ● ● ● ● ● ● ● ● ● ● ● ● ● ● ● ● ● ● ● ● ● ● ● ● ● ● ● ● ● ● ● ● ● ● ● ● ● ● ● ● ● ● ● ● ● ● ● ● ● ● ● ● ● ● ● ● ● ● ● ● ● ● ● ● ● ● ● ● ● ● ● ● ● ● ● ● ● ● ● ● ● ● ● ● ● ● ● ● ● ● ● ● ● ● ● ● ● ● ● ● ● ● ● ● ● ● ● ● ● ● ● ● ● ● ● ● ● ● ● ● ● ● ● ● ● ● ● ● ● ● ● ● ● ● ● ● ● ● ● ● ● ● ● ● ● ● ● ● ● ● ● ● ● ● ● ● ● ● ● ● ● ● ● ● ● ● ● ● ● ● ● ● ● ● ● ● ● ● ● ● ● ● ● ● ● ● ● ● ● ● ● ● ● ● ● ● ● ● ● ● ● ● ● ● ● ● ● ● ● ● ● ● ● ● ● ● ● ● ● ● ● ● ● ● ● ● ● ● ● ● ● ● ● ● ● ● ● ● ● ● ● ● ● ● ● ● ● ● ● ● ● ● ● ● ● ● ● ● ● ● ● ● ● ● ● ● ● ● ● ● ● ● ● ● ● ● ● ● ● ● ● ● ● ● ● ● ● ● ● ● ● ● ● ● ● ● ● ● ● ● ● ● ● ● ● ● ● ● ● ● ● ● ● ● ● ● ● ● ● ● ● ● ● ● ● ● ● ● ● ● ● ● ● ● ● ● ● ● ● ● ● ● ● ● ● ● ● ● ● ● ● ● ● ● ● ● ● ● ● ● ● ● ● ● ● ● ● ● ● ● ● ● ● ● ● ● ● ● ● ● ● ● ● ● ● ● ● ● ● ● ● ● ● ● ● ● ● ● ● ● ● ● ● ● ● ● ● ● ● ●
گوبلز
تلاش سیاسی در ولندن
● ● ● ● ● ● ● ● ● ● ● ● ● ● ● ● ● ● ● ● ● ● ● ● ● ● ● ● ● ● ● ● ● ● ● ● ● ● ● ● ● ● ● ● ● ● ● ● ● ● ● ● ● ● ● ● ● ● ● ● ● ● ● ● ● ● ● ● ● ● ● ● ● ● ● ● ● ● ● ● ● ● ● ● ● ● ● ● ● ● ● ● ● ● ● ● ● ● ● ● ● ● ● ● ● ● ● ● ● ● ● ● ● ● ● ● ● ● ● ● ● ● ● ● ● ● ● ● ● ● ● ● ● ● ● ● ● ● ● ● ● ● ● ● ● ● ● ● ● ● ● ● ● ● ● ● ● ● ● ● ● ● ● ● ● ● ● ● ● ● ● ● ● ● ● ● ● ● ● ● ● ● ● ● ● ● ● ● ● ● ● ● ● ● ● ● ● ● ● ● ● ● ● ● ● ● ● ● ● ● ● ● ● ● ● ● ● ● ● ● ● ● ● ● ● ● ● ● ● ● ● ● ● ● ● ● ● ● ● ● ● ● ● ● ● ● ● ● ● ● ● ● ● ● ● ● ● ● ● ● ● ● ● ● ● ● ● ● ● ● ● ● ● ● ● ● ● ● ● ● ● ● ● ● ● ● ● ● ● ● ● ● ● ● ● ● ● ● ● ● ● ● ● ● ● ● ● ● ● ● ● ● ● ● ● ● ● ● ● ● ● ● ● ● ● ● ● ● ● ● ● ● ● ● ● ● ● ● ● ● ● ● ● ● ● ● ● ● ● ● ● ● ● ● ● ● ● ● ● ● ● ● ● ● ● ● ● ● ● ● ● ● ● ● ● ● ● ● ● ● ● ● ● ● ● ● ● ● ● ● ● ● ● ● ● ● ● ● ● ● ● ● ● ● ● ● ● ● ● ● ● ● ● ● ● ● ● ● ● ● ● ● ● ● ● ● ● ● ● ● ● ● ● ● ● ● ● ● ● ● ● ● ● ● ● ● ● ● ● ● ● ● ● ● ● ● ● ● ● ● ● ● ● ● ● ● ● ● ● ● ● ● ● ● ● ● ● ● ● ● ● ● ● ● ● ● ● ● ● ● ● ● ● ● ● ● ● ● ● ● ● ● ● ● ● ● ● ● ● ● ● ● ● ● ● ● ● ● ● ● ● ● ● ● ● ● ● ● ● ● ● ● ● ● ● ● ● ● ● ● ● ● ● ● ● ● ● ● ● ● ● ● ● ● ● ● ● ● ● ● ● ● ● ● ● ● ● ● ● ● ● ● ● ● ● ● ● ● ● ● ● ● ● ● ● ● ● ● ● ● ● ● ● ● ● ● ● ● ● ● ● ● ● ● ● ● ● ● ● ● ● ● ● ● ● ● ● ● ● ● ● ● ● ● ● ● ● ● ● ● ● ● ● ● ● ● ● ● ● ● ● ● ● ● ● ● ● ● ● ● ● ● ● ● ● ● ● ● ● ● ● ● ● ● ● ● ● ● ● ●
نقل از اطلاعات ۲۲ اسفند ۱۳۱۴
دربرنامه بررسی آثار علی نصیریان
نمایشنامه لونه‌شغال در همدان اجرا شد
● ● ● ● ● ● ● ● ● ● ● ● ● ● ● ● ● ● ● ● ● ● ● ● ● ● ● ● ● ● ● ● ● ● ● ● ● ● ● ● ● ● ● ● ● ● ● ● ● ● ● ● ● ● ● ● ● ● ● ● ● ● ● ● ● ● ● ● ● ● ● ● ● ● ● ● ● ● ● ● ● ● ● ● ● ● ● ● ● ● ● ● ● ● ● ● ● ● ● ● ● ● ● ● ● ● ● ● ● ● ● ● ● ● ● ● ● ● ● ● ● ● ● ● ● ● ● ● ● ● ● ● ● ● ● ● ● ● ● ● ● ● ● ● ● ● ● ● ● ● ● ● ● ● ● ● ● ● ● ● ● ● ● ● ● ● ● ● ● ● ● ● ● ● ● ● ● ● ● ● ● ● ● ● ● ● ● ● ● ● ● ● ● ● ● ● ● ● ● ● ● ● ● ● ● ● ● ● ● ● ● ● ● ● ● ● ● ● ● ● ● ● ● ● ● ● ● ● ● ● ● ● ● ● ● ● ● ● ● ● ● ● ● ● ● ● ● ● ● ● ● ● ● ● ● ● ● ● ● ● ● ● ● ● ● ● ● ● ● ● ● ● ● ● ● ● ● ● ● ● ● ● ● ● ● ● ● ● ● ● ● ● ● ● ● ● ● ● ● ● ● ● ● ● ● ● ● ● ● ● ● ● ● ● ● ● ● ● ● ● ● ● ● ● ● ● ● ● ● ● ● ● ● ● ● ● ● ● ● ● ● ● ● ● ● ● ● ● ● ● ● ● ● ● ● ● ● ● ● ● ● ● ● ● ● ● ● ● ● ● ● ● ● ● ● ● ● ● ● ● ● ● ● ● ● ● ● ● ● ● ● ● ● ● ● ● ● ● ● ● ● ● ● ● ● ● ● ● ● ● ● ● ● ● ● ● ● ● ● ● ● ● ● ● ● ● ● ● ● ● ● ● ● ● ● ● ● ● ● ● ● ● ● ● ● ● ● ● ● ● ● ● ● ● ● ● ● ● ● ● ● ● ● ● ● ● ● ● ● ● ● ● ● ● ● ● ● ● ● ● ● ● ● ● ● ● ● ● ● ● ● ● ● ● ● ● ● ● ● ● ● ● ● ● ● ● ● ● ● ● ● ● ● ● ● ● ● ● ● ● ● ● ● ● ● ● ● ● ● ● ● ● ● ● ● ● ● ● ● ● ● ● ● ● ● ● ● ● ● ● ● ● ● ● ● ● ● ● ● ● ● ● ● ● ● ● ● ● ● ● ● ● ● ● ● ● ● ● ● ● ● ● ● ● ● ● ● ● ● ● ● ● ● ● ● ● ● ● ● ● ● ● ● ● ● ● ● ● ● ● ● ● ● ● ● ● ● ● ● ● ● ● ● ● ● ● ● ● ● ● ● ● ● ● ● ● ● ● ● ● ● ● ● ● ● ● ● ● ● ● ● ● ● ● ● ● ● ● ● ● ● ● ● ● ● ● ● ● ● ●
اطلاعیه بانک مرکزی ایران
در مورد
فروش اوراق قرضه
درروز شنبه بیست‌وچهارم اسفندماه ۵۳ از محل موجودی بانک مرکزی ایران اوراق قرضه دوساله با بهره ۹ درصد ، سه ساله بابهره ۵ر۹ درصد ، پنجساله با بهره ۱۰ در صد وهفت ساله با بهره ۵ر۱۰ درصد در سال برای فروش عرضه میگردد
بهره اوراق قرضه از مالیات بردر آمد
معاف می باشد
● ● ● ● ● ● ● ● ● ● ● ● ● ● ● ● ● ● ● ● ● ● ● ● ● ● ● ● ● ● ● ● ● ● ● ● ● ● ● ● ● ● ● ● ● ● ● ● ● ● ● ● ● ● ● ● ● ● ● ● ● ● ● ● ● ● ● ● ● ● ● ● ● ● ● ● ● ● ● ● ● ● ● ● ● ● ● ● ● ● ● ● ● ● ● ● ● ● ● ● ● ● ● ● ● ● ● ● ● ● ● ● ● ● ● ● ● ● ● ● ● ● ● ● ● ● ● ● ● ● ● ● ● ● ● ● ● ● ● ● ● ● ● ● ● ● ● ● ● ● ● ● ● ● ● ● ● ● ● ● ● ● ● ● ● ● ● ● ● ● ● ● ● ● ● ● ● ● ● ● ● ● ● ● ● ● ● ● ● ● ● ● ● ● ● ● ● ● ● ● ● ● ● ● ● ● ● ● ● ● ● ● ● ● ● ● ● ● ● ● ● ● ● ● ● ● ● ● ● ● ● ● ● ● ● ● ● ● ● ● ● ● ● ● ● ● ● ● ● ● ● ● ● ● ● ● ● ● ● ● ● ● ● ● ● ● ● ● ● ● ● ● ● ● ● ● ● ● ● ● ● ● ● ● ● ● ● ● ● ● ● ● ● ● ● ● ● ● ● ● ● ● ● ● ● ● ● ● ● ● ● ● ● ● ● ● ● ● ● ● ● ● ● ● ● ● ● ● ● ● ● ● ● ● ● ● ● ● ● ● ● ● ● ● ● ● ● ● ● ● ● ● ● ● ● ● ● ● ● ● ● ● ● ● ● ● ● ● ● ● ● ● ● ● ● ● ● ● ● ● ● ● ● ● ● ● ● ● ● ● ● ● ● ● ● ● ● ● ● ● ● ● ● ● ● ● ● ● ● ● ● ● ● ● ● ● ● ● ● ● ● ● ● ● ● ● ● ● ● ● ● ● ● ● ● ● ● ● ● ● ● ● ● ● ● ● ● ● ● ● ● ● ● ● ● ● ● ● ● ● ● ● ● ● ● ● ● ● ● ● ● ● ● ● ● ● ● ● ● ● ● ● ● ● ● ● ● ● ● ● ● ● ● ● ● ● ● ● ● ● ● ● ● ● ● ● ● ● ● ● ● ● ● ● ● ● ● ● ● ● ● ● ● ● ● ● ● ● ● ● ● ● ● ● ● ● ● ● ● ● ● ● ● ● ● ● ● ● ● ● ● ● ● ● ● ● ● ● ● ● ● ● ● ● ● ● ● ● ● ● ● ● ● ● ● ● ● ● ● ● ● ● ● ● ● ● ● ● ● ● ● ● ● ● ● ● ● ● ● ● ● ● ● ● ● ● ● ● ● ● ● ● ● ● ● ● ● ● ● ● ● ● ● ● ● ● ● ● ● ● ● ● ● ● ● ● ● ● ● ● ● ● ● ● ● ● ● ● ● ● ● ● ● ● ● ● ● ● ● ● ● ● ● ● ● ● ● ● ● ●
آگهی استخدام
● ● ● ● ● ● ● ● ● ● ● ● ● ● ● ● ● ● ● ● ● ● ● ● ● ● ● ● ● ● ● ● ● ● ● ● ● ● ● ● ● ● ● ● ● ● ● ● ● ● ● ● ● ● ● ● ● ● ● ● ● ● ● ● ● ● ● ● ● ● ● ● ● ● ● ● ● ● ● ● ● ● ● ● ● ● ● ● ● ● ● ● ● ● ● ● ● ● ● ● ● ● ● ● ● ● ● ● ● ● ● ● ● ● ● ● ● ● ● ● ● ● ● ● ● ● ● ● ● ● ● ● ● ● ● ● ● ● ● ● ● ● ● ● ● ● ● ● ● ● ● ● ● ● ● ● ● ● ● ● ● ● ● ● ● ● ● ● ● ● ● ● ● ● ● ● ● ● ● ● ● ● ● ● ● ● ● ● ● ● ● ● ● ● ● ● ● ● ● ● ● ● ● ● ● ● ● ● ● ● ● ● ● ● ● ● ● ● ● ● ● ● ● ● ● ● ● ● ● ● ● ● ● ● ● ● ● ● ● ● ● ● ● ● ● ● ● ● ● ● ● ● ● ● ● ● ● ● ● ● ● ● ● ● ● ● ● ● ● ● ● ● ● ● ● ● ● ● ● ● ● ● ● ● ● ● ● ● ● ● ● ● ● ● ● ● ● ● ● ● ● ● ● ● ● ● ● ● ● ● ● ● ● ● ● ● ● ● ● ● ● ● ● ● ● ● ● ● ● ● ● ● ● ● ● ● ● ● ● ● ● ● ● ● ● ● ● ● ● ● ● ● ● ● ● ● ● ● ● ● ● ● ● ● ● ● ● ● ● ● ● ● ● ● ● ● ● ● ● ● ● ● ● ● ● ● ● ● ● ● ● ● ● ● ● ● ● ● ● ● ● ● ● ● ● ● ● ● ● ● ● ● ● ● ● ● ● ● ● ● ● ● ● ● ● ● ● ● ● ● ● ● ● ● ● ● ● ● ● ● ● ● ● ● ● ● ● ● ● ● ● ● ● ● ● ● ● ● ● ● ● ● ● ● ● ● ● ● ● ● ● ● ● ● ● ● ● ● ● ● ● ● ● ● ● ● ● ● ● ● ● ● ● ● ● ● ● ● ● ● ● ● ● ● ● ● ● ● ● ● ● ● ● ● ● ● ● ● ● ● ● ● ● ● ● ● ● ● ● ● ● ● ● ● ● ● ● ● ● ● ● ● ● ● ● ● ● ● ● ● ● ● ● ● ● ● ● ● ● ● ● ● ● ● ● ● ● ● ● ● ● ● ● ● ● ● ● ● ● ● ● ● ● ● ● ● ● ● ● ● ● ● ● ● ● ● ● ● ● ● ● ● ● ● ● ● ● ● ● ● ● ● ● ● ● ● ● ● ● ● ● ● ● ● ● ● ● ● ● ● ● ● ● ● ● ● ● ● ● ● ● ● ● ● ● ● ● ● ● ● ● ● ● ● ● ● ● ● ● ● ● ● ● ● ● ● ● ● ● ●
۱ـ فتوکپی آخرین مدرک تحصیلی
۲ـ فتوکپی شناسنامه
۳ـ فتوکپی کارت پایان خدمت
۴ـ دو قطعه عکس ۴×۶
● ● ● ● ● ● ● ● ● ● ● ● ● ● ● ● ● ● ● ● ● ● ● ● ● ● ● ● ● ● ● ● ● ● ● ● ● ● ● ● ● ● ● ● ● ● ● ● ● ● ● ● ● ● ● ● ● ● ● ● ● ● ● ● ● ● ● ● ● ● ● ● ● ● ● ● ● ● ● ● ● ● ● ● ● ● ● ● ● ● ● ● ● ● ● ● ● ● ● ● ● ● ● ● ● ● ● ● ● ● ● ● ● ● ● ● ● ● ● ● ● ● ● ● ● ● ● ● ● ● ● ● ● ● ● ● ● ● ● ● ● ● ● ● ● ● ● ● ● ● ● ● ● ● ● ● ● ● ● ● ● ● ● ● ● ● ● ● ● ● ● ● ● ● ● ● ● ● ● ● ● ● ● ● ● ● ● ● ● ● ● ● ● ● ● ● ● ● ● ● ● ● ● ● ● ● ● ● ● ● ● ● ● ● ● ● ● ● ● ● ● ● ● ● ● ● ● ● ● ● ● ● ● ● ● ● ● ● ● ● ● ● ● ● ● ● ● ● ● ● ● ● ● ● ● ● ● ● ● ● ● ● ● ● ● ● ● ● ● ● ● ● ● ● ● ● ● ● ● ● ● ● ● ● ● ● ● ● ● ● ● ● ● ● ● ● ● ● ● ● ● ● ● ● ● ● ● ● ● ● ● ● ● ● ● ● ● ● ● ● ● ● ● ● ● ● ● ● ● ● ● ● ● ● ● ● ● ● ● ● ● ● ● ● ● ● ● ● ● ● ● ● ● ● ● ● ● ● ● ● ● ● ● ● ● ● ● ● ● ● ● ● ● ● ● ● ● ● ● ● ● ● ● ● ● ● ● ● ● ● ● ● ● ● ● ● ● ● ● ● ● ● ● ● ● ● ● ● ● ● ● ● ● ● ● ● ● ● ● ● ● ● ● ● ● ● ● ● ● ● ● ● ● ● ● ● ● ● ● ● ● ● ● ● ● ● ● ● ● ● ● ● ● ● ● ● ● ● ● ● ● ● ● ● ● ● ● ● ● ● ● ● ● ● ● ● ● ● ● ● ● ● ● ● ● ● ● ● ● ● ● ● ● ● ● ● ● ● ● ● ● ● ● ● ● ● ● ● ● ● ● ● ● ● ● ● ● ● ● ● ● ● ● ● ● ● ● ● ● ● ● ● ● ● ● ● ● ● ● ● ● ● ● ● ● ● ● ● ● ● ● ● ● ● ● ● ● ● ● ● ● ● ● ● ● ● ● ● ● ● ● ● ● ● ● ● ● ● ● ● ● ● ● ● ● ● ● ● ● ● ● ● ● ● ● ● ● ● ● ● ● ● ● ● ● ● ● ● ● ● ● ● ● ● ● ● ● ● ● ● ● ● ● ● ● ● ● ● ● ● ● ● ● ● ● ● ● ● ● ● ● ● ● ● ● ● ● ● ● ● ● ● ● ● ● ● ● ● ● ● ● ● ● ● ● ● ● ● ● ●
برگ درخواست
نام خانوادگی
نام
شماره شناسنامه
محل صدور
محل تولد
تاریخ تولد
شغل
شغل فعلی
استان
شهر
خیابان
کوچه
شماره منزل
شماره تلفن
امضاء
● ● ● ● ● ● ● ● ● ● ● ● ● ● ● ● ● ● ● ● ● ● ● ● ● ● ● ● ● ● ● ● ● ● ● ● ● ● ● ● ● ● ● ● ● ● ● ● ● ● ● ● ● ● ● ● ● ● ● ● ● ● ● ● ● ● ● ● ● ● ● ● ● ● ● ● ● ● ● ● ● ● ● ● ● ● ● ● ● ● ● ● ● ● ● ● ● ● ● ● ● ● ● ● ● ● ● ● ● ● ● ● ● ● ● ● ● ● ● ● ● ● ● ● ● ● ● ● ● ● ● ● ● ● ● ● ● ● ● ● ● ● ● ● ● ● ● ● ● ● ● ● ● ● ● ● ● ● ● ● ● ● ● ● ● ● ● ● ● ● ● ● ● ● ● ● ● ● ● ● ● ● ● ● ● ● ● ● ● ● ● ● ● ● ● ● ● ● ● ● ● ● ● ● ● ● ● ● ● ● ● ● ● ● ● ● ● ● ● ● ● ● ● ● ● ● ● ● ● ● ● ● ● ● ● ● ● ● ● ● ● ● ● ● ● ● ● ● ● ● ● ● ● ● ● ● ● ● ● ● ● ● ● ● ● ● ● ● ● ● ● ● ● ● ● ● ● ● ● ● ● ● ● ● ● ● ● ● ● ● ● ● ● ● ● ● ● ● ● ● ● ● ● ● ● ● ● ● ● ● ● ● ● ● ● ● ● ● ● ● ● ● ● ● ● ● ● ● ● ● ● ● ● ● ● ● ● ● ● ● ● ● ● ● ● ● ● ● ● ● ● ● ● ● ● ● ● ● ● ● ● ● ● ● ● ● ● ● ● ● ● ● ● ● ● ● ● ● ● ● ● ● ● ● ● ● ● ● ● ● ● ● ● ● ● ● ● ● ● ● ● ● ● ● ● ● ● ● ● ● ● ● ● ● ● ● ● ● ● ● ● ● ● ● ● ● ● ● ● ● ● ● ● ● ● ● ● ● ● ● ● ● ● ● ● ● ● ● ● ● ● ● ● ● ● ● ● ● ● ● ● ● ● ● ● ● ● ● ● ● ● ● ● ● ● ● ● ● ● ● ● ● ● ● ● ● ● ● ● ● ● ● ● ● ● ● ● ● ● ● ● ● ● ● ● ● ● ● ● ● ● ● ● ● ● ● ● ● ● ● ● ● ● ● ● ● ● ● ● ● ● ● ● ● ● ● ● ● ● ● ● ● ● ● ● ● ● ● ● ● ● ● ● ● ● ● ● ● ● ● ● ● ● ● ● ● ● ● ● ● ● ● ● ● ● ● ● ● ● ● ● ● ● ● ● ● ● ● ● ● ● ● ● ● ● ● ● ● ● ● ● ● ● ● ● ● ● ● ● ● ● ● ● ● ● ● ● ● ● ● ● ● ● ● ● ● ● ● ● ● ● ● ● ● ● ● ● ● ● ● ● ● ● ● ● ● ● ● ● ● ● ● ● ● ● ● ● ● ● ● ● ● ● ● ● ● ● ● ● ●
● ● ● ● ● ● ● ● ● ● ● ● ● ● ● ● ● ● ● ● ● ● ● ● ● ● ● ● ● ● ● ● ● ● ● ● ● ● ● ● ● ● ● ● ● ● ● ● ● ● ● ● ● ● ● ● ● ● ● ● ● ● ● ● ● ● ● ● ● ● ● ● ● ● ● ● ● ● ● ● ● ● ● ● ● ● ● ● ● ● ● ● ● ● ● ● ● ● ● ● ● ● ● ● ● ● ● ● ● ● ● ● ● ● ● ● ● ● ● ● ● ● ● ● ● ● ● ● ● ● ● ● ● ● ● ● ● ● ● ● ● ● ● ● ● ● ● ● ● ● ● ● ● ● ● ● ● ● ● ● ● ● ● ● ● ● ● ● ● ● ● ● ● ● ● ● ● ● ● ● ● ● ● ● ● ● ● ● ● ● ● ● ● ● ● ● ● ● ● ● ● ● ● ● ● ● ● ● ● ● ● ● ● ● ● ● ● ● ● ● ● ● ● ● ● ● ● ● ● ● ● ● ● ● ● ● ● ● ● ● ● ● ● ● ● ● ● ● ● ● ● ● ● ● ● ● ● ● ● ● ● ● ● ● ● ● ● ● ● ● ● ● ● ● ● ● ● ● ● ● ● ● ● ● ● ● ● ● ● ● ● ● ● ● ● ● ● ● ● ● ● ● ● ● ● ● ● ● ● ● ● ● ● ● ● ● ● ● ● ● ● ● ● ● ● ● ● ● ● ● ● ● ● ● ● ● ● ● ● ● ● ● ● ● ● ● ● ● ● ● ● ● ● ● ● ● ● ● ● ● ● ● ● ● ● ● ● ● ● ● ● ● ● ● ● ● ● ● ● ● ● ● ● ● ● ● ● ● ● ● ● ● ● ● ● ● ● ● ● ● ● ● ● ● ● ● ● ● ● ● ● ● ● ● ● ● ● ● ● ● ● ● ● ● ● ● ● ● ● ● ● ● ● ● ● ● ● ● ● ● ● ● ● ● ● ● ● ● ● ● ● ● ● ● ● ● ● ● ● ● ● ● ● ● ● ● ● ● ● ● ● ● ● ● ● ● ● ● ● ● ● ● ● ● ● ● ● ● ● ● ● ● ● ● ● ● ● ● ● ● ● ● ● ● ● ● ● ● ● ● ● ● ● ● ● ● ● ● ● ● ● ● ● ● ● ● ● ● ● ● ● ● ● ● ● ● ● ● ● ● ● ● ● ● ● ● ● ● ● ● ● ● ● ● ● ● ● ● ● ● ● ● ● ● ● ● ● ● ● ● ● ● ● ● ● ● ● ● ● ● ● ● ● ● ● ● ● ● ● ● ● ● ● ● ● ● ● ● ● ● ● ● ● ● ● ● ● ● ● ● ● ● ● ● ● ● ● ● ● ● ● ● ● ● ● ● ● ● ● ● ● ● ● ● ● ● ● ● ● ● ● ● ● ● ● ● ● ● ● ● ● ● ● ● ● ● ● ● ● ● ● ● ● ● ● ● ● ● ● ●
● ● ● ● ● ● ● ● ● ● ● ● ● ● ● ● ● ● ● ● ● ● ● ● ● ● ● ● ● ● ● ● ● ● ● ● ● ● ● ● ● ● ● ● ● ● ● ● ● ● ● ● ● ● ● ● ● ● ● ● ● ● ● ● ● ● ● ● ● ● ● ● ● ● ● ● ● ● ● ● ● ● ● ● ● ● ● ● ● ● ● ● ● ● ● ● ● ● ● ● ● ● ● ● ● ● ● ● ● ● ● ● ● ● ● ● ● ● ● ● ● ● ● ● ● ● ● ● ● ● ● ● ● ● ● ● ● ● ● ● ● ● ● ● ● ● ● ● ● ● ● ● ● ● ● ● ● ● ● ● ● ● ● ● ● ● ● ● ● ● ● ● ● ● ● ● ● ● ● ● ● ● ● ● ● ● ● ● ● ● ● ● ● ● ● ● ● ● ● ● ● ● ● ● ● ● ● ● ● ● ● ● ● ● ● ● ● ● ● ● ● ● ● ● ● ● ● ● ● ● ● ● ● ● ● ● ● ● ● ● ● ● ● ● ● ● ● ● ● ● ● ● ● ● ● ● ● ● ● ● ● ● ● ● ● ● ● ● ● ● ● ● ● ● ● ● ● ● ● ● ● ● ● ● ● ● ● ● ● ● ● ● ● ● ● ● ● ● ● ● ● ● ● ● ● ● ● ● ● ● ● ● ● ● ● ● ● ● ● ● ● ● ● ● ● ● ● ● ● ● ● ● ● ● ● ● ● ● ● ● ● ● ● ● ● ● ● ● ● ● ● ● ● ● ● ● ● ● ● ● ● ● ● ● ● ● ● ● ● ● ● ● ● ● ● ● ● ● ● ● ● ● ● ● ● ● ● ● ● ● ● ● ● ● ● ● ● ● ● ● ● ● ● ● ● ● ● ● ● ● ● ● ● ● ● ● ● ● ● ● ● ● ● ● ● ● ● ● ● ● ● ● ● ● ● ● ● ● ● ● ● ● ● ● ● ● ● ● ● ● ● ● ● ● ● ● ● ● ● ● ● ● ● ● ● ● ● ● ● ● ● ● ● ● ● ● ● ● ● ● ● ● ● ● ● ● ● ● ● ● ● ● ● ● ● ● ● ● ● ● ● ● ● ● ● ● ● ● ● ● ● ● ● ● ● ● ● ● ● ● ● ● ● ● ● ● ● ● ● ● ● ● ● ● ● ● ● ● ● ● ● ● ● ● ● ● ● ● ● ● ● ● ● ● ● ● ● ● ● ● ● ● ● ● ● ● ● ● ● ● ● ● ● ● ● ● ● ● ● ● ● ● ● ● ● ● ● ● ● ● ● ● ● ● ● ● ● ● ● ● ● ● ● ● ● ● ● ● ● ● ● ● ● ● ● ● ● ● ● ● ● ● ● ● ● ● ● ● ● ● ● ● ● ● ● ● ● ● ● ● ● ● ● ● ● ● ● ● ● ● ● ● ● ● ● ● ● ● ● ● ● ● ● ● ● ● ● ● ● ●
حلقه
اول
نوشته: الکساندر سولژنیتسین
ترجمه: ناصر خطیر
- ۹۸ -
● ● ● ● ● ● ● ● ● ● ● ● ● ● ● ● ● ● ● ● ● ● ● ● ● ● ● ● ● ● ● ● ● ● ● ● ● ● ● ● ● ● ● ● ● ● ● ● ● ● ● ● ● ● ● ● ● ● ● ● ● ● ● ● ● ● ● ● ● ● ● ● ● ● ● ● ● ● ● ● ● ● ● ● ● ● ● ● ● ● ● ● ● ● ● ● ● ● ● ● ● ● ● ● ● ● ● ● ● ● ● ● ● ● ● ● ● ● ● ● ● ● ● ● ● ● ● ● ● ● ● ● ● ● ● ● ● ● ● ● ● ● ● ● ● ● ● ● ● ● ● ● ● ● ● ● ● ● ● ● ● ● ● ● ● ● ● ● ● ● ● ● ● ● ● ● ● ● ● ● ● ● ● ● ● ● ● ● ● ● ● ● ● ● ● ● ● ● ● ● ● ● ● ● ● ● ● ● ● ● ● ● ● ● ● ● ● ● ● ● ● ● ● ● ● ● ● ● ● ● ● ● ● ● ● ● ● ● ● ● ● ● ● ● ● ● ● ● ● ● ● ● ● ● ● ● ● ● ● ● ● ● ● ● ● ● ● ● ● ● ● ● ● ● ● ● ● ● ● ● ● ● ● ● ● ● ● ● ● ● ● ● ● ● ● ● ● ● ● ● ● ● ● ● ● ● ● ● ● ● ● ● ● ● ● ● ● ● ● ● ● ● ● ● ● ● ● ● ● ● ● ● ● ● ● ● ● ● ● ● ● ● ● ● ● ● ● ● ● ● ● ● ● ● ● ● ● ● ● ● ● ● ● ● ● ● ● ● ● ● ● ● ● ● ● ● ● ● ● ● ● ● ● ● ● ● ● ● ● ● ● ● ● ● ● ● ● ● ● ● ● ● ● ● ● ● ● ● ● ● ● ● ● ● ● ● ● ● ● ● ● ● ● ● ● ● ● ● ● ● ● ● ● ● ● ● ● ● ● ● ● ● ● ● ● ● ● ● ● ● ● ● ● ● ● ● ● ● ● ● ● ● ● ● ● ● ● ● ● ● ● ● ● ● ● ● ● ● ● ● ● ● ● ● ● ● ● ● ● ● ● ● ● ● ● ● ● ● ● ● ● ● ● ● ● ● ● ● ● ● ● ● ● ● ● ● ● ● ● ● ● ● ● ● ● ● ● ● ● ● ● ● ● ● ● ● ● ● ● ● ● ● ● ● ● ● ● ● ● ● ● ● ● ● ● ● ● ● ● ● ● ● ● ● ● ● ● ● ● ● ● ● ● ● ● ● ● ● ● ● ● ● ● ● ● ● ● ● ● ● ● ● ● ● ● ● ● ● ● ● ● ● ● ● ● ● ● ● ● ● ● ● ● ● ● ● ● ● ● ● ● ● ● ● ● ● ● ● ● ● ● ● ● ● ● ● ● ● ● ● ● ● ● ● ● ● ● ● ● ● ● ● ● ● ● ● ● ● ● ● ● ● ● ● ● ● ● ● ● ●
● ● ● ● ● ● ● ● ● ● ● ● ● ● ● ● ● ● ● ● ● ● ● ● ● ● ● ● ● ● ● ● ● ● ● ● ● ● ● ● ● ● ● ● ● ● ● ● ● ● ● ● ● ● ● ● ● ● ● ● ● ● ● ● ● ● ● ● ● ● ● ● ● ● ● ● ● ● ● ● ● ● ● ● ● ● ● ● ● ● ● ● ● ● ● ● ● ● ● ● ● ● ● ● ● ● ● ● ● ● ● ● ● ● ● ● ● ● ● ● ● ● ● ● ● ● ● ● ● ● ● ● ● ● ● ● ● ● ● ● ● ● ● ● ● ● ● ● ● ● ● ● ● ● ● ● ● ● ● ● ● ● ● ● ● ● ● ● ● ● ● ● ● ● ● ● ● ● ● ● ● ● ● ● ● ● ● ● ● ● ● ● ● ● ● ● ● ● ● ● ● ● ● ● ● ● ● ● ● ● ● ● ● ● ● ● ● ● ● ● ● ● ● ● ● ● ● ● ● ● ● ● ● ● ● ● ● ● ● ● ● ● ● ● ● ● ● ● ● ● ● ● ● ● ● ● ● ● ● ● ● ● ● ● ● ● ● ● ● ● ● ● ● ● ● ● ● ● ● ● ● ● ● ● ● ● ● ● ● ● ● ● ● ● ● ● ● ● ● ● ● ● ● ● ● ● ● ● ● ● ● ● ● ● ● ● ● ● ● ● ● ● ● ● ● ● ● ● ● ● ● ● ● ● ● ● ● ● ● ● ● ● ● ● ● ● ● ● ● ● ● ● ● ● ● ● ● ● ● ● ● ● ● ● ● ● ● ● ● ● ● ● ● ● ● ● ● ● ● ● ● ● ● ● ● ● ● ● ● ● ● ● ● ● ● ● ● ● ● ● ● ● ● ● ● ● ● ● ● ● ● ● ● ● ● ● ● ● ● ● ● ● ● ● ● ● ● ● ● ● ● ● ● ● ● ● ● ● ● ● ● ● ● ● ● ● ● ● ● ● ● ● ● ● ● ● ● ● ● ● ● ● ● ● ● ● ● ● ● ● ● ● ● ● ● ● ● ● ● ● ● ● ● ● ● ● ● ● ● ● ● ● ● ● ● ● ● ● ● ● ● ● ● ● ● ● ● ● ● ● ● ● ● ● ● ● ● ● ● ● ● ● ● ● ● ● ● ● ● ● ● ● ● ● ● ● ● ● ● ● ● ● ● ● ● ● ● ● ● ● ● ● ● ● ● ● ● ● ● ● ● ● ● ● ● ● ● ● ● ● ● ● ● ● ● ● ● ● ● ● ● ● ● ● ● ● ● ● ● ● ● ● ● ● ● ● ● ● ● ● ● ● ● ● ● ● ● ● ● ● ● ● ● ● ● ● ● ● ● ● ● ● ● ● ● ● ● ● ● ● ● ● ● ● ● ● ● ● ● ● ● ● ● ● ● ● ● ● ● ● ● ● ● ● ● ● ● ● ● ● ● ● ● ● ● ● ● ● ● ●
آگهی مزایده
● ● ● ● ● ● ● ● ● ● ● ● ● ● ● ● ● ● ● ● ● ● ● ● ● ● ● ● ● ● ● ● ● ● ● ● ● ● ● ● ● ● ● ● ● ● ● ● ● ● ● ● ● ● ● ● ● ● ● ● ● ● ● ● ● ● ● ● ● ● ● ● ● ● ● ● ● ● ● ● ● ● ● ● ● ● ● ● ● ● ● ● ● ● ● ● ● ● ● ● ● ● ● ● ● ● ● ● ● ● ● ● ● ● ● ● ● ● ● ● ● ● ● ● ● ● ● ● ● ● ● ● ● ● ● ● ● ● ● ● ● ● ● ● ● ● ● ● ● ● ● ● ● ● ● ● ● ● ● ● ● ● ● ● ● ● ● ● ● ● ● ● ● ● ● ● ● ● ● ● ● ● ● ● ● ● ● ● ● ● ● ● ● ● ● ● ● ● ● ● ● ● ● ● ● ● ● ● ● ● ● ● ● ● ● ● ● ● ● ● ● ● ● ● ● ● ● ● ● ● ● ● ● ● ● ● ● ● ● ● ● ● ● ● ● ● ● ● ● ● ● ● ● ● ● ● ● ● ● ● ● ● ● ● ● ● ● ● ● ● ● ● ● ● ● ● ● ● ● ● ● ● ● ● ● ● ● ● ● ● ● ● ● ● ● ● ● ● ● ● ● ● ● ● ● ● ● ● ● ● ● ● ● ● ● ● ● ● ● ● ● ● ● ● ● ● ● ● ● ● ● ● ● ● ● ● ● ● ● ● ● ● ● ● ● ● ● ● ● ● ● ● ● ● ● ● ● ● ● ● ● ● ● ● ● ● ● ● ● ● ● ● ● ● ● ● ● ● ● ● ● ● ● ● ● ● ● ● ● ● ● ● ● ● ● ● ● ● ● ● ● ● ● ● ● ● ● ● ● ● ● ● ● ● ● ● ● ● ● ● ● ● ● ● ● ● ● ● ● ● ● ● ● ● ● ● ● ● ● ● ● ● ● ● ● ● ● ● ● ● ● ● ● ● ● ● ● ● ● ● ● ● ● ● ● ● ● ● ● ● ● ● ● ● ● ● ● ● ● ● ● ● ● ● ● ● ● ● ● ● ● ● ● ● ● ● ● ● ● ● ● ● ● ● ● ● ● ● ● ● ● ● ● ● ● ● ● ● ● ● ● ● ● ● ● ● ● ● ● ● ● ● ● ● ● ● ● ● ● ● ● ● ● ● ● ● ● ● ● ● ● ● ● ● ● ● ● ● ● ● ● ● ● ● ● ● ● ● ● ● ● ● ● ● ● ● ● ● ● ● ● ● ● ● ● ● ● ● ● ● ● ● ● ● ● ● ● ● ● ● ● ● ● ● ● ● ● ● ● ● ● ● ● ● ● ● ● ● ● ● ● ● ● ● ● ● ● ● ● ● ● ● ● ● ● ● ● ● ● ● ● ● ● ● ● ● ● ● ● ● ● ● ● ● ● ● ● ● ● ● ● ● ● ● ● ● ● ● ● ●
سازمان اتکاء
آگهی استخدام
● ● ● ● ● ● ● ● ● ● ● ● ● ● ● ● ● ● ● ● ● ● ● ● ● ● ● ● ● ● ● ● ● ● ● ● ● ● ● ● ● ● ● ● ● ● ● ● ● ● ● ● ● ● ● ● ● ● ● ● ● ● ● ● ● ● ● ● ● ● ● ● ● ● ● ● ● ● ● ● ● ● ● ● ● ● ● ● ● ● ● ● ● ● ● ● ● ● ● ● ● ● ● ● ● ● ● ● ● ● ● ● ● ● ● ● ● ● ● ● ● ● ● ● ● ● ● ● ● ● ● ● ● ● ● ● ● ● ● ● ● ● ● ● ● ● ● ● ● ● ● ● ● ● ● ● ● ● ● ● ● ● ● ● ● ● ● ● ● ● ● ● ● ● ● ● ● ● ● ● ● ● ● ● ● ● ● ● ● ● ● ● ● ● ● ● ● ● ● ● ● ● ● ● ● ● ● ● ● ● ● ● ● ● ● ● ● ● ● ● ● ● ● ● ● ● ● ● ● ● ● ● ● ● ● ● ● ● ● ● ● ● ● ● ● ● ● ● ● ● ● ● ● ● ● ● ● ● ● ● ● ● ● ● ● ● ● ● ● ● ● ● ● ● ● ● ● ● ● ● ● ● ● ● ● ● ● ● ● ● ● ● ● ● ● ● ● ● ● ● ● ● ● ● ● ● ● ● ● ● ● ● ● ● ● ● ● ● ● ● ● ● ● ● ● ● ● ● ● ● ● ● ● ● ● ● ● ● ● ● ● ● ● ● ● ● ● ● ● ● ● ● ● ● ● ● ● ● ● ● ● ● ● ● ● ● ● ● ● ● ● ● ● ● ● ● ● ● ● ● ● ● ● ● ● ● ● ● ● ● ● ● ● ● ● ● ● ● ● ● ● ● ● ● ● ● ● ● ● ● ● ● ● ● ● ● ● ● ● ● ● ● ● ● ● ● ● ● ● ● ● ● ● ● ● ● ● ● ● ● ● ● ● ● ● ● ● ● ● ● ● ● ● ● ● ● ● ● ● ● ● ● ● ● ● ● ● ● ● ● ● ● ● ● ● ● ● ● ● ● ● ● ● ● ● ● ● ● ● ● ● ● ● ● ● ● ● ● ● ● ● ● ● ● ● ● ● ● ● ● ● ● ● ● ● ● ● ● ● ● ● ● ● ● ● ● ● ● ● ● ● ● ● ● ● ● ● ● ● ● ● ● ● ● ● ● ● ● ● ● ● ● ● ● ● ● ● ● ● ● ● ● ● ● ● ● ● ● ● ● ● ● ● ● ● ● ● ● ● ● ● ● ● ● ● ● ● ● ● ● ● ● ● ● ● ● ● ● ● ● ● ● ● ● ● ● ● ● ● ● ● ● ● ● ● ● ● ● ● ● ● ● ● ● ● ● ● ● ● ● ● ● ● ● ● ● ● ● ● ● ● ● ● ● ● ● ● ● ● ● ● ● ● ● ● ● ● ● ● ● ● ● ● ● ● ● ● ● ● ●
ردیف	عنوان شغل	مدرک تحصیلی	سایر شرایط
۱ـ	ماشین نویس	دیپلم	آشنائی کامل با ماشین نویسی فارسی ولاتین
۲ـ	منشی	دیپلم	آشنائی بزبان انگلیسی
۳ـ	سکرتر	دیپلم	آشنائی کامل با ماشین نویسی فارسی و لاتین
● ● ● ● ● ● ● ● ● ● ● ● ● ● ● ● ● ● ● ● ● ● ● ● ● ● ● ● ● ● ● ● ● ● ● ● ● ● ● ● ● ● ● ● ● ● ● ● ● ● ● ● ● ● ● ● ● ● ● ● ● ● ● ● ● ● ● ● ● ● ● ● ● ● ● ● ● ● ● ● ● ● ● ● ● ● ● ● ● ● ● ● ● ● ● ● ● ● ● ● ● ● ● ● ● ● ● ● ● ● ● ● ● ● ● ● ● ● ● ● ● ● ● ● ● ● ● ● ● ● ● ● ● ● ● ● ● ● ● ● ● ● ● ● ● ● ● ● ● ● ● ● ● ● ● ● ● ● ● ● ● ● ● ● ● ● ● ● ● ● ● ● ● ● ● ● ● ● ● ● ● ● ● ● ● ● ● ● ● ● ● ● ● ● ● ● ● ● ● ● ● ● ● ● ● ● ● ● ● ● ● ● ● ● ● ● ● ● ● ● ● ● ● ● ● ● ● ● ● ● ● ● ● ● ● ● ● ● ● ● ● ● ● ● ● ● ● ● ● ● ● ● ● ● ● ● ● ● ● ● ● ● ● ● ● ● ● ● ● ● ● ● ● ● ● ● ● ● ● ● ● ● ● ● ● ● ● ● ● ● ● ● ● ● ● ● ● ● ● ● ● ● ● ● ● ● ● ● ● ● ● ● ● ● ● ● ● ● ● ● ● ● ● ● ● ● ● ● ● ● ● ● ● ● ● ● ● ● ● ● ● ● ● ● ● ● ● ● ● ● ● ● ● ● ● ● ● ● ● ● ● ● ● ● ● ● ● ● ● ● ● ● ● ● ● ● ● ● ● ● ● ● ● ● ● ● ● ● ● ● ● ● ● ● ● ● ● ● ● ● ● ● ● ● ● ● ● ● ● ● ● ● ● ● ● ● ● ● ● ● ● ● ● ● ● ● ● ● ● ● ● ● ● ● ● ● ● ● ● ● ● ● ● ● ● ● ● ● ● ● ● ● ● ● ● ● ● ● ● ● ● ● ● ● ● ● ● ● ● ● ● ● ● ● ● ● ● ● ● ● ● ● ● ● ● ● ● ● ● ● ● ● ● ● ● ● ● ● ● ● ● ● ● ● ● ● ● ● ● ● ● ● ● ● ● ● ● ● ● ● ● ● ● ● ● ● ● ● ● ● ● ● ● ● ● ● ● ● ● ● ● ● ● ● ● ● ● ● ● ● ● ● ● ● ● ● ● ● ● ● ● ● ● ● ● ● ● ● ● ● ● ● ● ● ● ● ● ● ● ● ● ● ● ● ● ● ● ● ● ● ● ● ● ● ● ● ● ● ● ● ● ● ● ● ● ● ● ● ● ● ● ● ● ● ● ● ● ● ● ● ● ● ● ● ● ● ● ● ● ● ● ● ● ● ● ● ● ● ● ● ● ● ● ● ● ● ● ● ● ● ● ● ● ● ● ● ● ● ● ● ● ● ● ● ● ● ● ● ● ●
